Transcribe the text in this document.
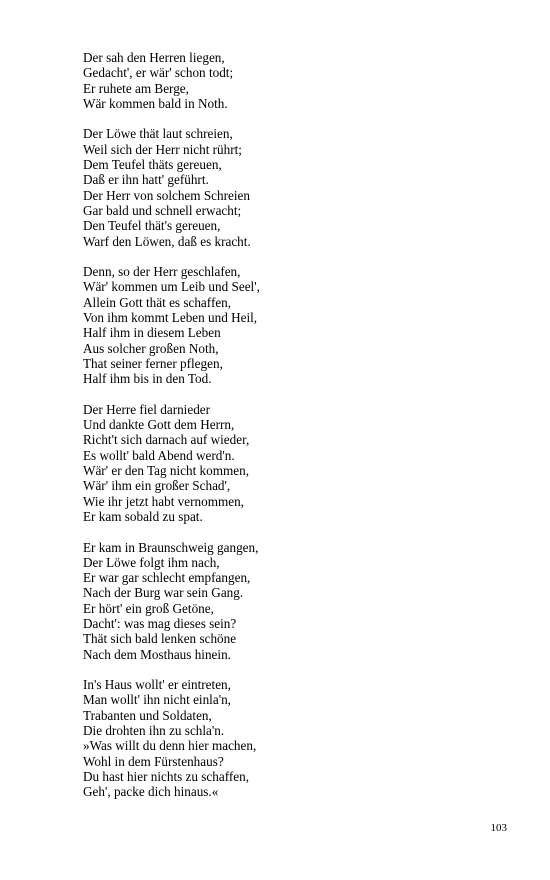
Der sah den Herren liegen,
Gedacht', er wär' schon todt;
Er ruhete am Berge,
Wär kommen bald in Noth.
Der Löwe thät laut schreien,
Weil sich der Herr nicht rührt;
Dem Teufel thäts gereuen,
Daß er ihn hatt' geführt.
Der Herr von solchem Schreien
Gar bald und schnell erwacht;
Den Teufel thät's gereuen,
Warf den Löwen, daß es kracht.
Denn, so der Herr geschlafen,
Wär' kommen um Leib und Seel',
Allein Gott thät es schaffen,
Von ihm kommt Leben und Heil,
Half ihm in diesem Leben
Aus solcher großen Noth,
That seiner ferner pflegen,
Half ihm bis in den Tod.
Der Herre fiel darnieder
Und dankte Gott dem Herrn,
Richt't sich darnach auf wieder,
Es wollt' bald Abend werd'n.
Wär' er den Tag nicht kommen,
Wär' ihm ein großer Schad',
Wie ihr jetzt habt vernommen,
Er kam sobald zu spat.
Er kam in Braunschweig gangen,
Der Löwe folgt ihm nach,
Er war gar schlecht empfangen,
Nach der Burg war sein Gang.
Er hört' ein groß Getöne,
Dacht': was mag dieses sein?
Thät sich bald lenken schöne
Nach dem Mosthaus hinein.
In's Haus wollt' er eintreten,
Man wollt' ihn nicht einla'n,
Trabanten und Soldaten,
Die drohten ihn zu schla'n.
»Was willt du denn hier machen,
Wohl in dem Fürstenhaus?
Du hast hier nichts zu schaffen,
Geh', packe dich hinaus.«
103
